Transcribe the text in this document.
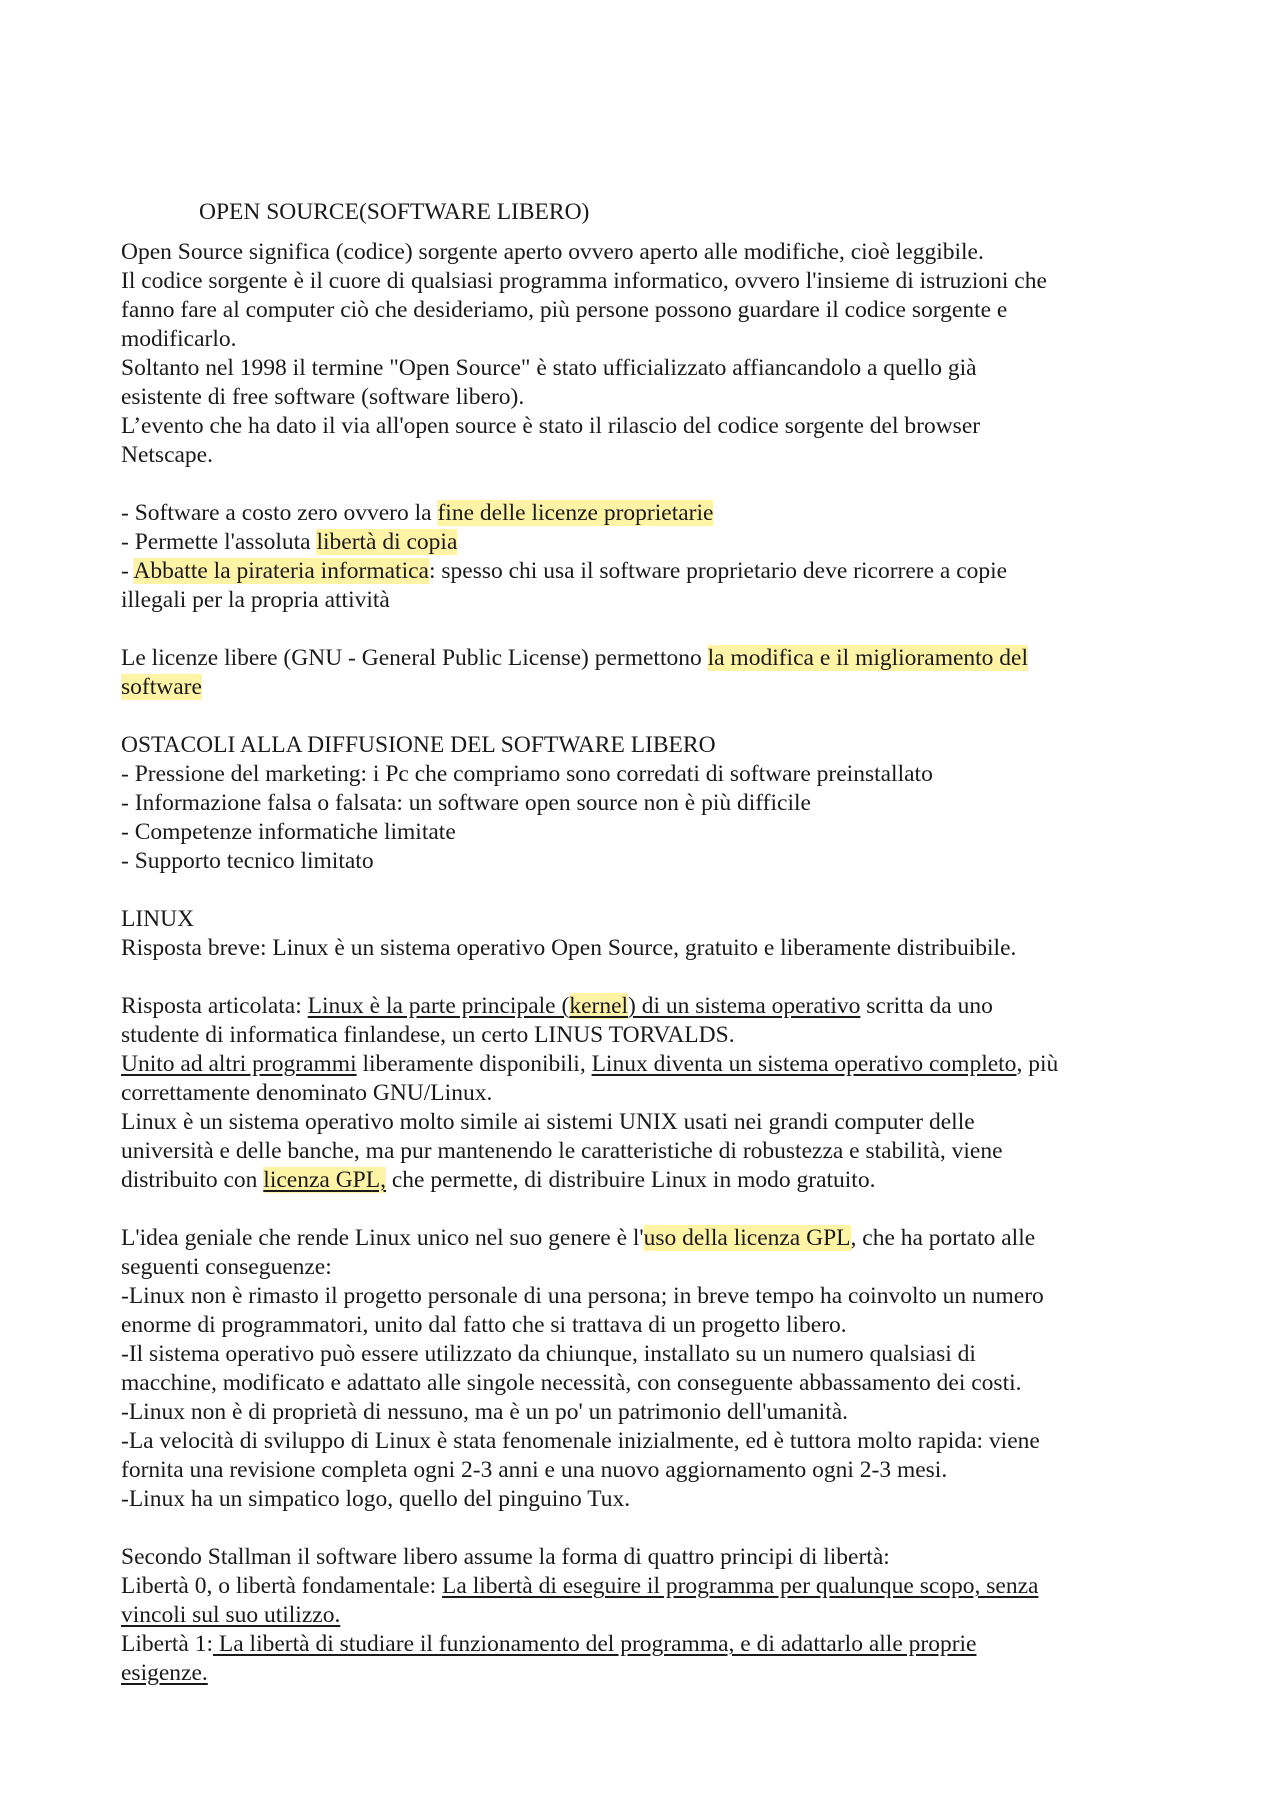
OPEN SOURCE(SOFTWARE LIBERO)
Open Source significa (codice) sorgente aperto ovvero aperto alle modifiche, cioè leggibile.
Il codice sorgente è il cuore di qualsiasi programma informatico, ovvero l'insieme di istruzioni che
fanno fare al computer ciò che desideriamo, più persone possono guardare il codice sorgente e
modificarlo.
Soltanto nel 1998 il termine "Open Source" è stato ufficializzato affiancandolo a quello già
esistente di free software (software libero).
L’evento che ha dato il via all'open source è stato il rilascio del codice sorgente del browser
Netscape.
- Software a costo zero ovvero la fine delle licenze proprietarie
- Permette l'assoluta libertà di copia
- Abbatte la pirateria informatica: spesso chi usa il software proprietario deve ricorrere a copie
illegali per la propria attività
Le licenze libere (GNU - General Public License) permettono la modifica e il miglioramento del
software
OSTACOLI ALLA DIFFUSIONE DEL SOFTWARE LIBERO
- Pressione del marketing: i Pc che compriamo sono corredati di software preinstallato
- Informazione falsa o falsata: un software open source non è più difficile
- Competenze informatiche limitate
- Supporto tecnico limitato
LINUX
Risposta breve: Linux è un sistema operativo Open Source, gratuito e liberamente distribuibile.
Risposta articolata: Linux è la parte principale (kernel) di un sistema operativo scritta da uno
studente di informatica finlandese, un certo LINUS TORVALDS.
Unito ad altri programmi liberamente disponibili, Linux diventa un sistema operativo completo, più
correttamente denominato GNU/Linux.
Linux è un sistema operativo molto simile ai sistemi UNIX usati nei grandi computer delle
università e delle banche, ma pur mantenendo le caratteristiche di robustezza e stabilità, viene
distribuito con licenza GPL, che permette, di distribuire Linux in modo gratuito.
L'idea geniale che rende Linux unico nel suo genere è l'uso della licenza GPL, che ha portato alle
seguenti conseguenze:
-Linux non è rimasto il progetto personale di una persona; in breve tempo ha coinvolto un numero
enorme di programmatori, unito dal fatto che si trattava di un progetto libero.
-Il sistema operativo può essere utilizzato da chiunque, installato su un numero qualsiasi di
macchine, modificato e adattato alle singole necessità, con conseguente abbassamento dei costi.
-Linux non è di proprietà di nessuno, ma è un po' un patrimonio dell'umanità.
-La velocità di sviluppo di Linux è stata fenomenale inizialmente, ed è tuttora molto rapida: viene
fornita una revisione completa ogni 2-3 anni e una nuovo aggiornamento ogni 2-3 mesi.
-Linux ha un simpatico logo, quello del pinguino Tux.
Secondo Stallman il software libero assume la forma di quattro principi di libertà:
Libertà 0, o libertà fondamentale: La libertà di eseguire il programma per qualunque scopo, senza
vincoli sul suo utilizzo.
Libertà 1: La libertà di studiare il funzionamento del programma, e di adattarlo alle proprie
esigenze.
